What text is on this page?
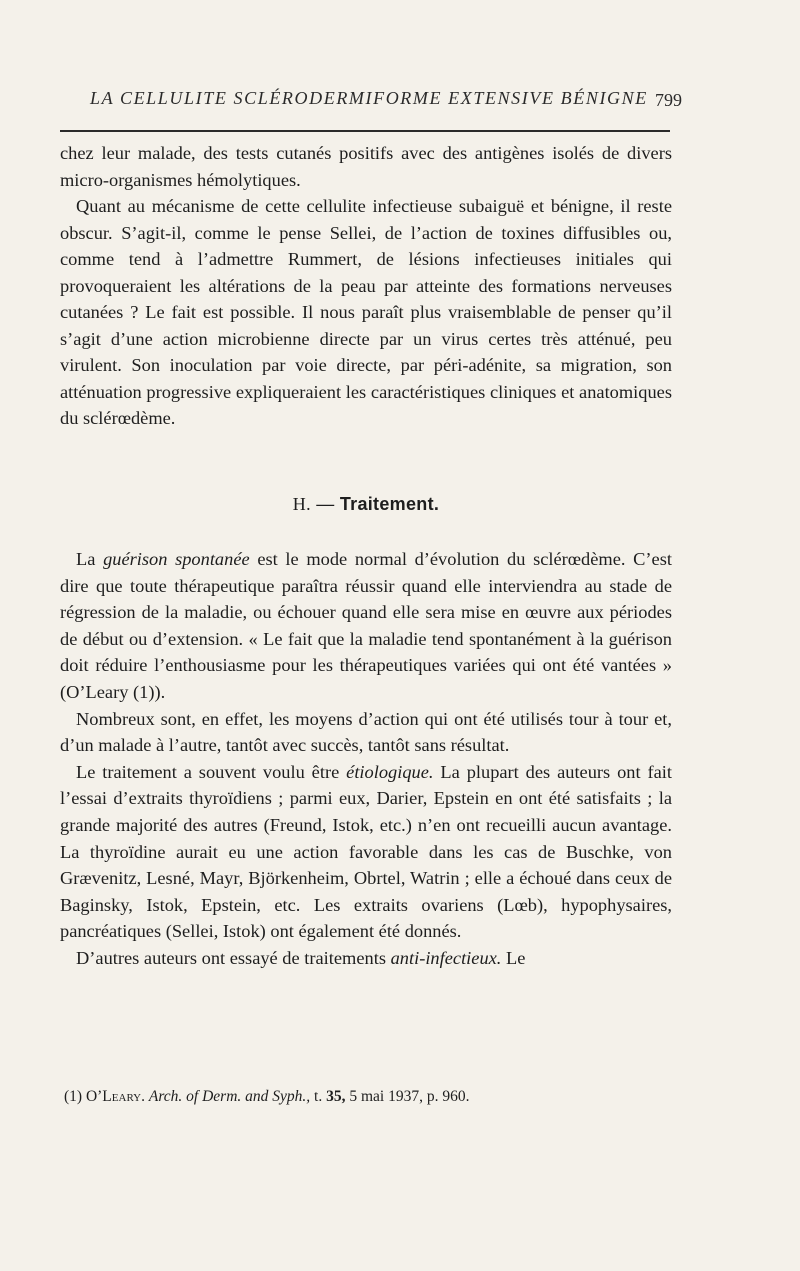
LA CELLULITE SCLÉRODERMIFORME EXTENSIVE BÉNIGNE 799

chez leur malade, des tests cutanés positifs avec des antigènes isolés de divers micro-organismes hémolytiques.

Quant au mécanisme de cette cellulite infectieuse subaiguë et bénigne, il reste obscur. S’agit-il, comme le pense Sellei, de l’action de toxines diffusibles ou, comme tend à l’admettre Rummert, de lésions infectieuses initiales qui provoqueraient les altérations de la peau par atteinte des formations nerveuses cutanées ? Le fait est possible. Il nous paraît plus vraisemblable de penser qu’il s’agit d’une action microbienne directe par un virus certes très atténué, peu virulent. Son inoculation par voie directe, par péri-adénite, sa migration, son atténuation progressive expliqueraient les caractéristiques cliniques et anatomiques du sclérœdème.

H. — Traitement.

La guérison spontanée est le mode normal d’évolution du sclérœdème. C’est dire que toute thérapeutique paraîtra réussir quand elle interviendra au stade de régression de la maladie, ou échouer quand elle sera mise en œuvre aux périodes de début ou d’extension. « Le fait que la maladie tend spontanément à la guérison doit réduire l’enthousiasme pour les thérapeutiques variées qui ont été vantées » (O’Leary (1)).

Nombreux sont, en effet, les moyens d’action qui ont été utilisés tour à tour et, d’un malade à l’autre, tantôt avec succès, tantôt sans résultat.

Le traitement a souvent voulu être étiologique. La plupart des auteurs ont fait l’essai d’extraits thyroïdiens ; parmi eux, Darier, Epstein en ont été satisfaits ; la grande majorité des autres (Freund, Istok, etc.) n’en ont recueilli aucun avantage. La thyroïdine aurait eu une action favorable dans les cas de Buschke, von Grævenitz, Lesné, Mayr, Björkenheim, Obrtel, Watrin ; elle a échoué dans ceux de Baginsky, Istok, Epstein, etc. Les extraits ovariens (Lœb), hypophysaires, pancréatiques (Sellei, Istok) ont également été donnés.

D’autres auteurs ont essayé de traitements anti-infectieux. Le

(1) O’Leary. Arch. of Derm. and Syph., t. 35, 5 mai 1937, p. 960.
